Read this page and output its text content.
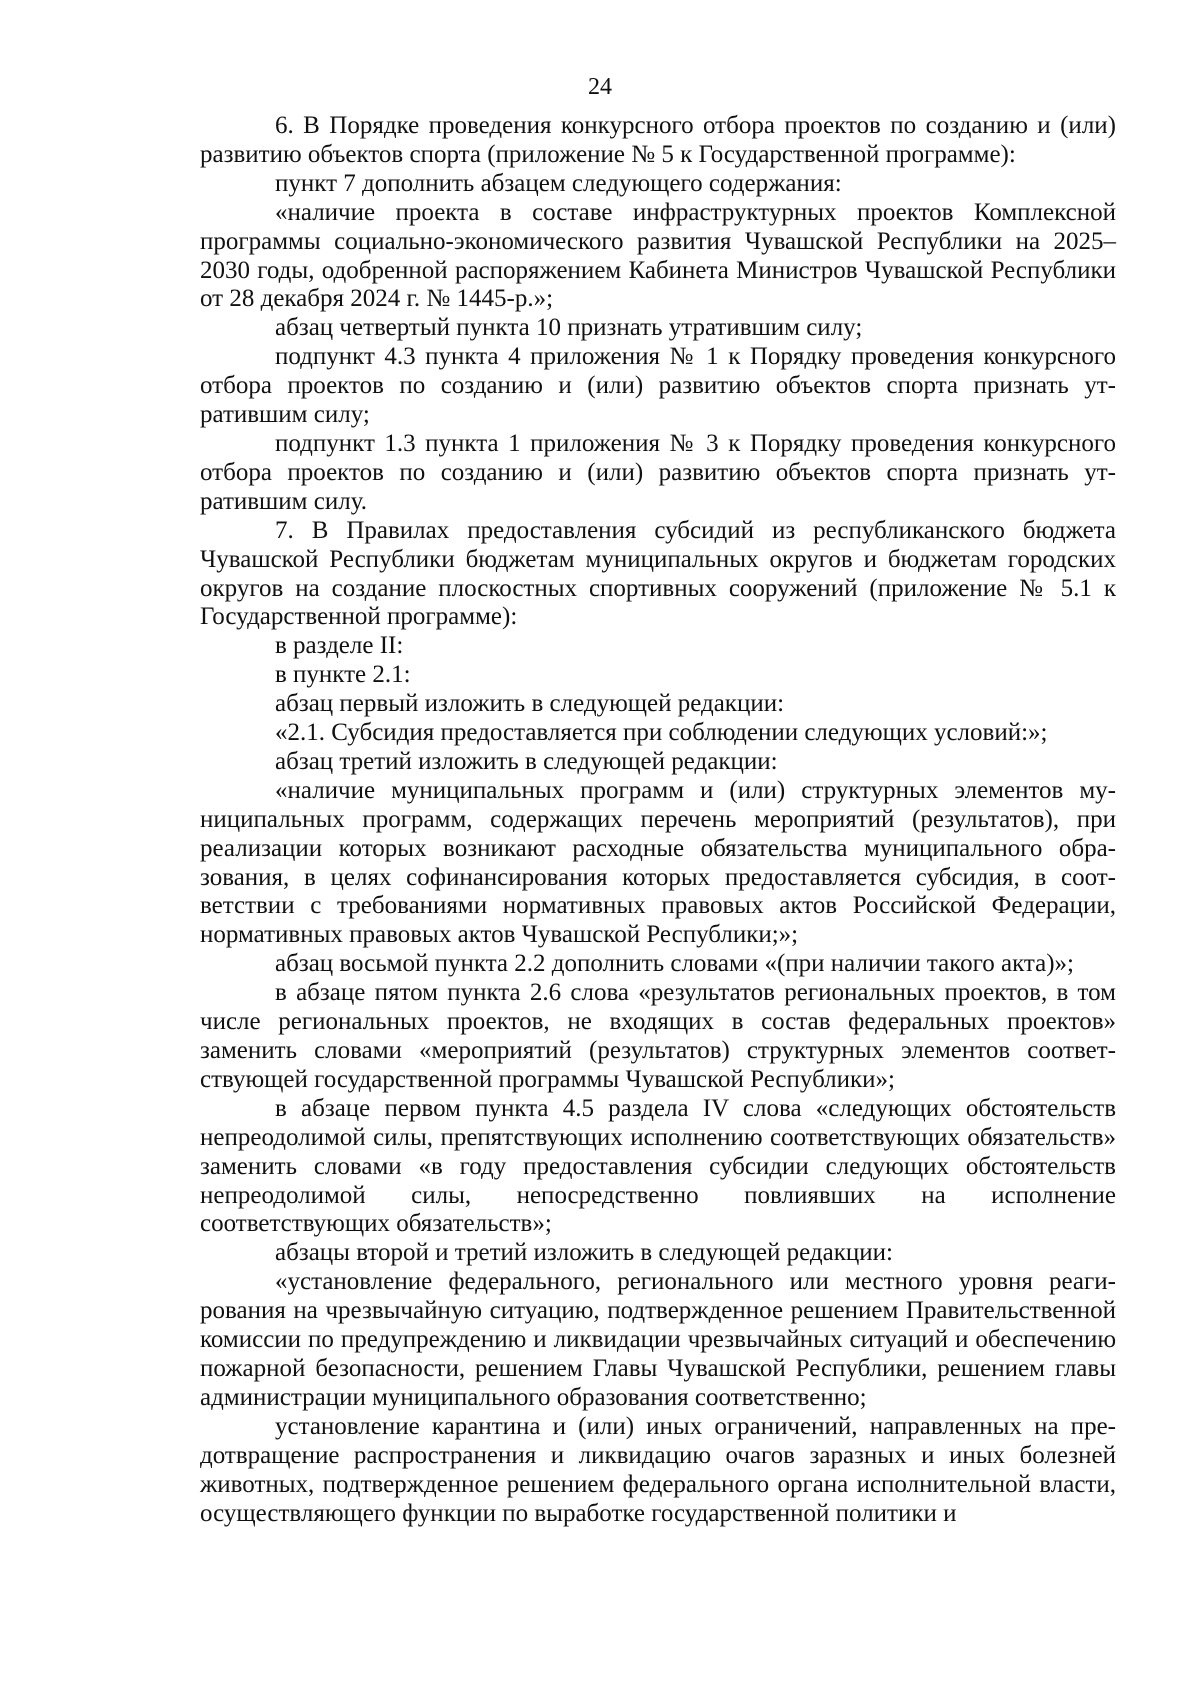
24

6. В Порядке проведения конкурсного отбора проектов по созданию и (или) развитию объектов спорта (приложение № 5 к Государственной программе):

пункт 7 дополнить абзацем следующего содержания:

«наличие проекта в составе инфраструктурных проектов Комплексной программы социально-экономического развития Чувашской Республики на 2025–2030 годы, одобренной распоряжением Кабинета Министров Чувашской Республики от 28 декабря 2024 г. № 1445-р.»;

абзац четвертый пункта 10 признать утратившим силу;

подпункт 4.3 пункта 4 приложения № 1 к Порядку проведения конкурсного отбора проектов по созданию и (или) развитию объектов спорта признать утратившим силу;

подпункт 1.3 пункта 1 приложения № 3 к Порядку проведения конкурсного отбора проектов по созданию и (или) развитию объектов спорта признать утратившим силу.

7. В Правилах предоставления субсидий из республиканского бюджета Чувашской Республики бюджетам муниципальных округов и бюджетам городских округов на создание плоскостных спортивных сооружений (приложение № 5.1 к Государственной программе):

в разделе II:

в пункте 2.1:

абзац первый изложить в следующей редакции:

«2.1. Субсидия предоставляется при соблюдении следующих условий:»;

абзац третий изложить в следующей редакции:

«наличие муниципальных программ и (или) структурных элементов муниципальных программ, содержащих перечень мероприятий (результатов), при реализации которых возникают расходные обязательства муниципального образования, в целях софинансирования которых предоставляется субсидия, в соответствии с требованиями нормативных правовых актов Российской Федерации, нормативных правовых актов Чувашской Республики;»;

абзац восьмой пункта 2.2 дополнить словами «(при наличии такого акта)»;

в абзаце пятом пункта 2.6 слова «результатов региональных проектов, в том числе региональных проектов, не входящих в состав федеральных проектов» заменить словами «мероприятий (результатов) структурных элементов соответствующей государственной программы Чувашской Республики»;

в абзаце первом пункта 4.5 раздела IV слова «следующих обстоятельств непреодолимой силы, препятствующих исполнению соответствующих обязательств» заменить словами «в году предоставления субсидии следующих обстоятельств непреодолимой силы, непосредственно повлиявших на исполнение соответствующих обязательств»;

абзацы второй и третий изложить в следующей редакции:

«установление федерального, регионального или местного уровня реагирования на чрезвычайную ситуацию, подтвержденное решением Правительственной комиссии по предупреждению и ликвидации чрезвычайных ситуаций и обеспечению пожарной безопасности, решением Главы Чувашской Республики, решением главы администрации муниципального образования соответственно;

установление карантина и (или) иных ограничений, направленных на предотвращение распространения и ликвидацию очагов заразных и иных болезней животных, подтвержденное решением федерального органа исполнительной власти, осуществляющего функции по выработке государственной политики и
